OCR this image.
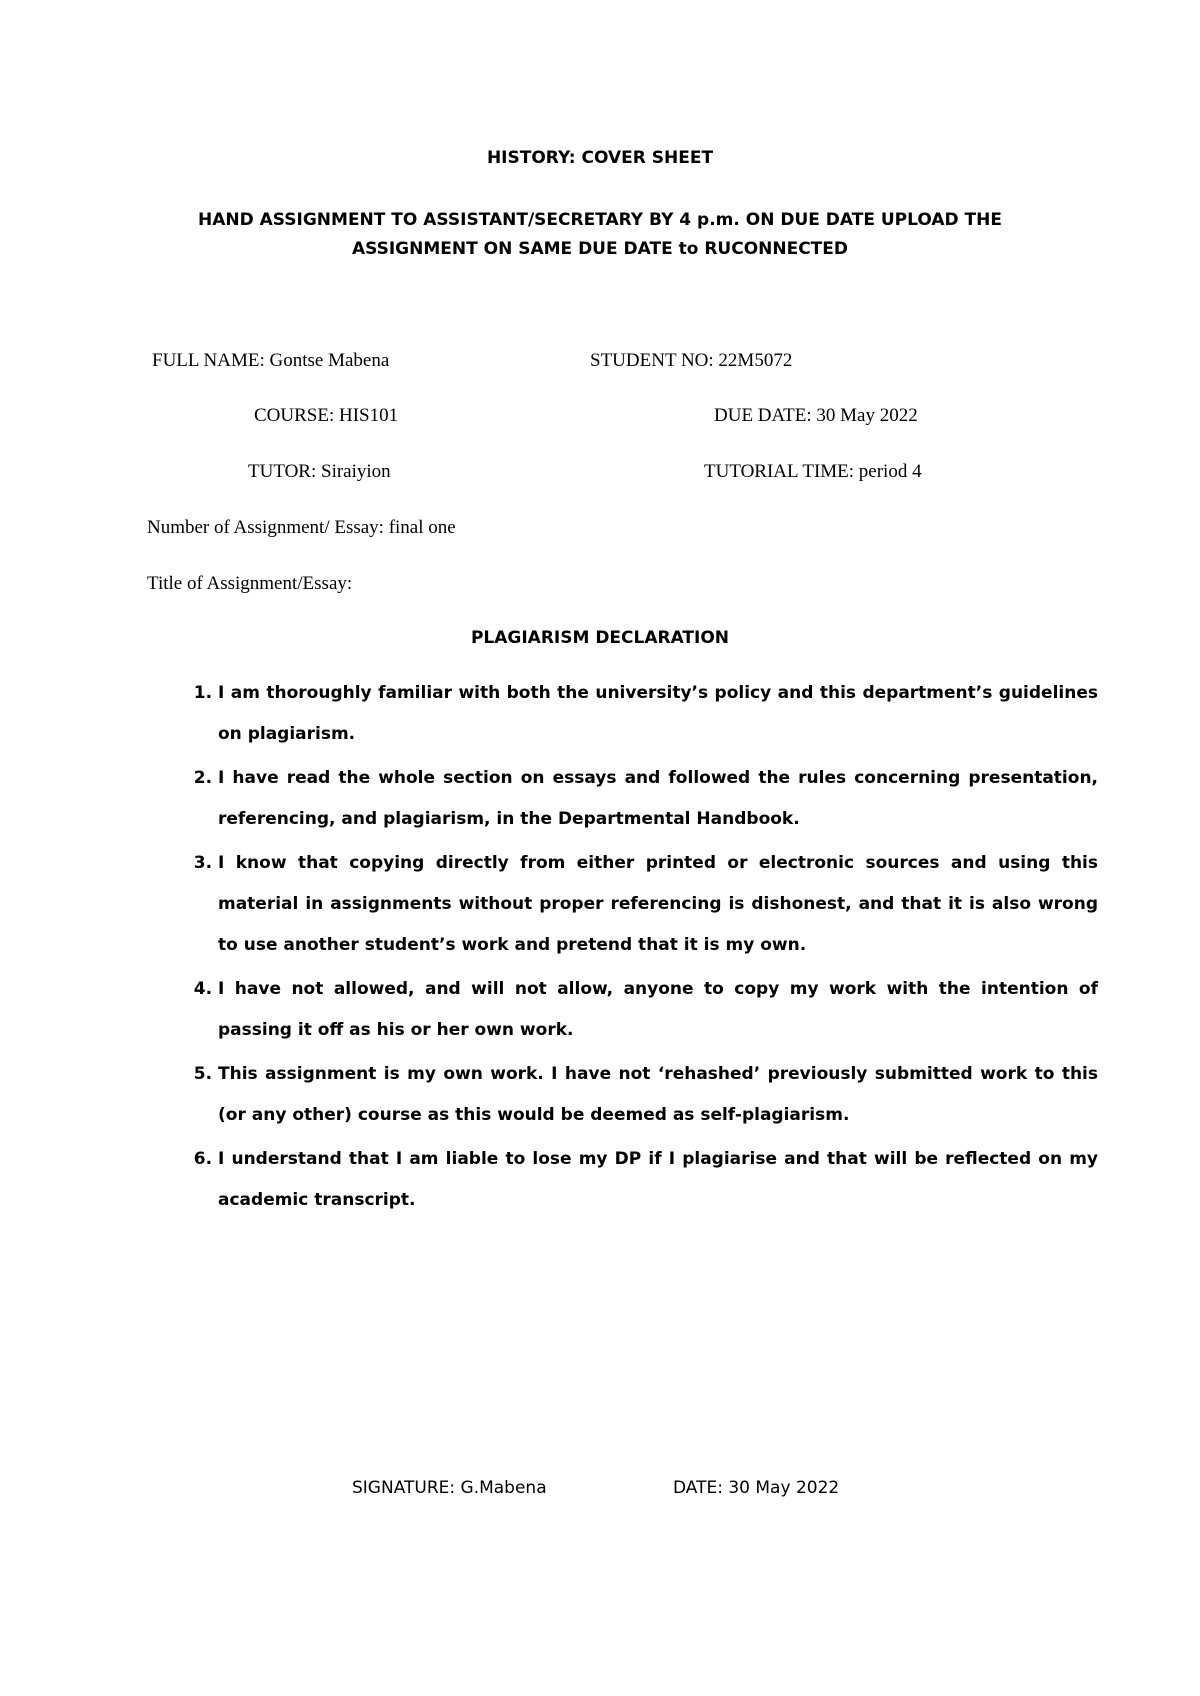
HISTORY: COVER SHEET
HAND ASSIGNMENT TO ASSISTANT/SECRETARY BY 4 p.m. ON DUE DATE UPLOAD THE
ASSIGNMENT ON SAME DUE DATE to RUCONNECTED
FULL NAME: Gontse Mabena	STUDENT NO: 22M5072
COURSE: HIS101	DUE DATE: 30 May 2022
TUTOR: Siraiyion	TUTORIAL TIME: period 4
Number of Assignment/ Essay: final one
Title of Assignment/Essay:
PLAGIARISM DECLARATION
1. I am thoroughly familiar with both the university’s policy and this department’s guidelines on plagiarism.
2. I have read the whole section on essays and followed the rules concerning presentation, referencing, and plagiarism, in the Departmental Handbook.
3. I know that copying directly from either printed or electronic sources and using this material in assignments without proper referencing is dishonest, and that it is also wrong to use another student’s work and pretend that it is my own.
4. I have not allowed, and will not allow, anyone to copy my work with the intention of passing it off as his or her own work.
5. This assignment is my own work. I have not ‘rehashed’ previously submitted work to this (or any other) course as this would be deemed as self-plagiarism.
6. I understand that I am liable to lose my DP if I plagiarise and that will be reflected on my academic transcript.
SIGNATURE: G.Mabena	DATE: 30 May 2022
